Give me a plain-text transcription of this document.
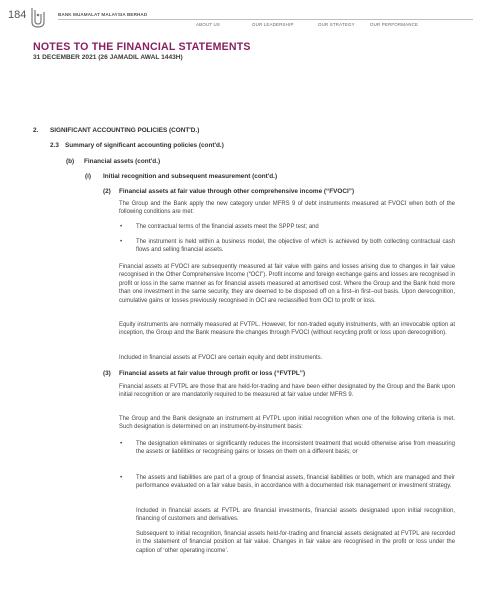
184	BANK MUAMALAT MALAYSIA BERHAD
ABOUT US	OUR LEADERSHIP	OUR STRATEGY	OUR PERFORMANCE
NOTES TO THE FINANCIAL STATEMENTS
31 DECEMBER 2021 (26 JAMADIL AWAL 1443H)
2. SIGNIFICANT ACCOUNTING POLICIES (CONT'D.)
2.3 Summary of significant accounting policies (cont'd.)
(b) Financial assets (cont'd.)
(i) Initial recognition and subsequent measurement (cont'd.)
(2) Financial assets at fair value through other comprehensive income (“FVOCI”)
The Group and the Bank apply the new category under MFRS 9 of debt instruments measured at FVOCI when both of the following conditions are met:
• The contractual terms of the financial assets meet the SPPP test; and
• The instrument is held within a business model, the objective of which is achieved by both collecting contractual cash flows and selling financial assets.
Financial assets at FVOCI are subsequently measured at fair value with gains and losses arising due to changes in fair value recognised in the Other Comprehensive Income (“OCI”). Profit income and foreign exchange gains and losses are recognised in profit or loss in the same manner as for financial assets measured at amortised cost. Where the Group and the Bank hold more than one investment in the same security, they are deemed to be disposed off on a first–in first–out basis. Upon derecognition, cumulative gains or losses previously recognised in OCI are reclassified from OCI to profit or loss.
Equity instruments are normally measured at FVTPL. However, for non-traded equity instruments, with an irrevocable option at inception, the Group and the Bank measure the changes through FVOCI (without recycling profit or loss upon derecognition).
Included in financial assets at FVOCI are certain equity and debt instruments.
(3) Financial assets at fair value through profit or loss (“FVTPL”)
Financial assets at FVTPL are those that are held-for-trading and have been either designated by the Group and the Bank upon initial recognition or are mandatorily required to be measured at fair value under MFRS 9.
The Group and the Bank designate an instrument at FVTPL upon initial recognition when one of the following criteria is met. Such designation is determined on an instrument-by-instrument basis:
• The designation eliminates or significantly reduces the inconsistent treatment that would otherwise arise from measuring the assets or liabilities or recognising gains or losses on them on a different basis; or
• The assets and liabilities are part of a group of financial assets, financial liabilities or both, which are managed and their performance evaluated on a fair value basis, in accordance with a documented risk management or investment strategy.
Included in financial assets at FVTPL are financial investments, financial assets designated upon initial recognition, financing of customers and derivatives.
Subsequent to initial recognition, financial assets held-for-trading and financial assets designated at FVTPL are recorded in the statement of financial position at fair value. Changes in fair value are recognised in the profit or loss under the caption of ‘other operating income’.
